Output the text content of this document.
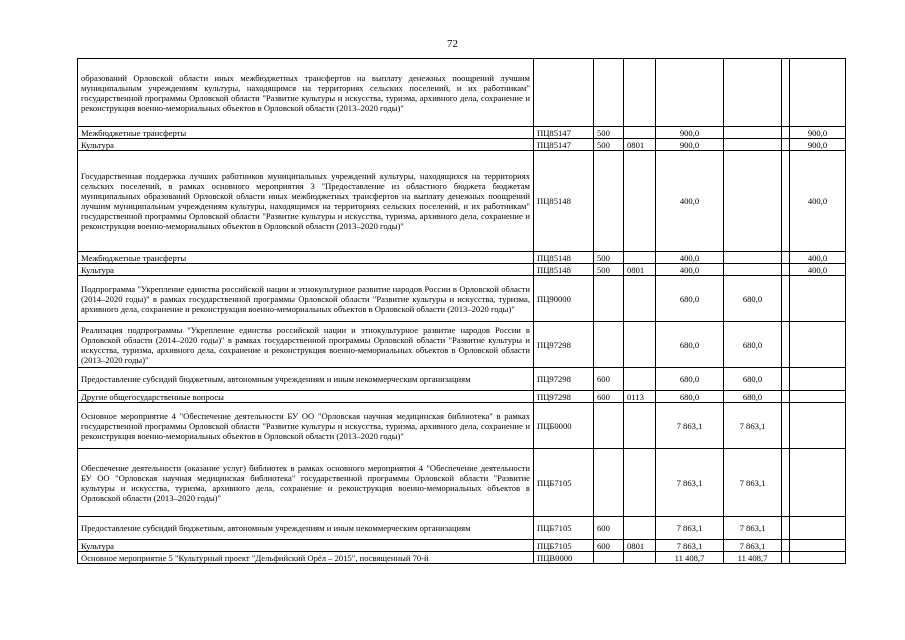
72
образований Орловской области иных межбюджетных трансфертов на выплату денежных поощрений лучшим муниципальным учреждениям культуры, находящимся на территориях сельских поселений, и их работникам" государственной программы Орловской области "Развитие культуры и искусства, туризма, архивного дела, сохранение и реконструкция военно-мемориальных объектов в Орловской области (2013–2020 годы)"							
Межбюджетные трансферты	ПЦ85147	500		900,0			900,0
Культура	ПЦ85147	500	0801	900,0			900,0
Государственная поддержка лучших работников муниципальных учреждений культуры, находящихся на территориях сельских поселений, в рамках основного мероприятия 3 "Предоставление из областного бюджета бюджетам муниципальных образований Орловской области иных межбюджетных трансфертов на выплату денежных поощрений лучшим муниципальным учреждениям культуры, находящимся на территориях сельских поселений, и их работникам" государственной программы Орловской области "Развитие культуры и искусства, туризма, архивного дела, сохранение и реконструкция военно-мемориальных объектов в Орловской области (2013–2020 годы)"	ПЦ85148			400,0			400,0
Межбюджетные трансферты	ПЦ85148	500		400,0			400,0
Культура	ПЦ85148	500	0801	400,0			400,0
Подпрограмма "Укрепление единства российской нации и этнокультурное развитие народов России в Орловской области (2014–2020 годы)" в рамках государственной программы Орловской области "Развитие культуры и искусства, туризма, архивного дела, сохранение и реконструкция военно-мемориальных объектов в Орловской области (2013–2020 годы)"	ПЦ90000			680,0	680,0		
Реализация подпрограммы "Укрепление единства российской нации и этнокультурное развитие народов России в Орловской области (2014–2020 годы)" в рамках государственной программы Орловской области "Развитие культуры и искусства, туризма, архивного дела, сохранение и реконструкция военно-мемориальных объектов в Орловской области (2013–2020 годы)"	ПЦ97298			680,0	680,0		
Предоставление субсидий бюджетным, автономным учреждениям и иным некоммерческим организациям	ПЦ97298	600		680,0	680,0		
Другие общегосударственные вопросы	ПЦ97298	600	0113	680,0	680,0		
Основное мероприятие 4 "Обеспечение деятельности БУ ОО "Орловская научная медицинская библиотека" в рамках государственной программы Орловской области "Развитие культуры и искусства, туризма, архивного дела, сохранение и реконструкция военно-мемориальных объектов в Орловской области (2013–2020 годы)"	ПЦБ0000			7 863,1	7 863,1		
Обеспечение деятельности (оказание услуг) библиотек в рамках основного мероприятия 4 "Обеспечение деятельности БУ ОО "Орловская научная медицинская библиотека" государственной программы Орловской области "Развитие культуры и искусства, туризма, архивного дела, сохранение и реконструкция военно-мемориальных объектов в Орловской области (2013–2020 годы)"	ПЦБ7105			7 863,1	7 863,1		
Предоставление субсидий бюджетным, автономным учреждениям и иным некоммерческим организациям	ПЦБ7105	600		7 863,1	7 863,1		
Культура	ПЦБ7105	600	0801	7 863,1	7 863,1		
Основное мероприятие 5 "Культурный проект "Дельфийский Орёл – 2015", посвященный 70-й	ПЦВ0000			11 408,7	11 408,7		
